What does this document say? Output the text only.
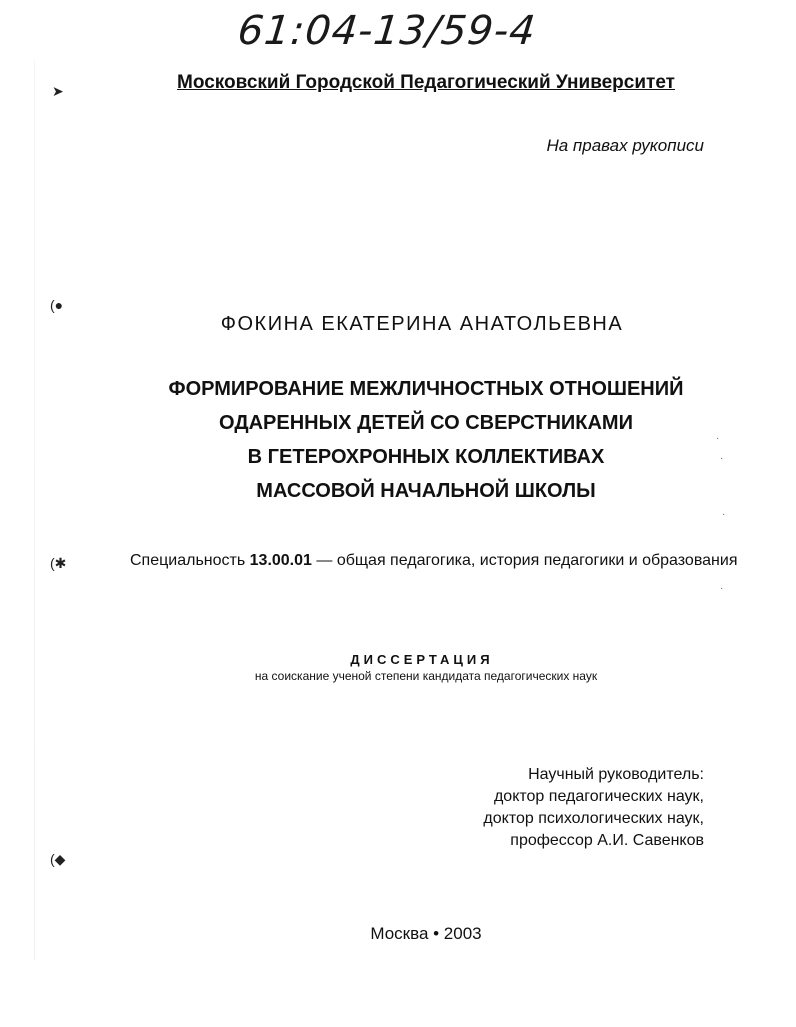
61:04-13/59-4
Московский Городской Педагогический Университет
На правах рукописи
ФОКИНА ЕКАТЕРИНА АНАТОЛЬЕВНА
ФОРМИРОВАНИЕ МЕЖЛИЧНОСТНЫХ ОТНОШЕНИЙ
ОДАРЕННЫХ ДЕТЕЙ СО СВЕРСТНИКАМИ
В ГЕТЕРОХРОННЫХ КОЛЛЕКТИВАХ
МАССОВОЙ НАЧАЛЬНОЙ ШКОЛЫ
Специальность 13.00.01 — общая педагогика, история педагогики и образования
ДИССЕРТАЦИЯ
на соискание ученой степени кандидата педагогических наук
Научный руководитель:
доктор педагогических наук,
доктор психологических наук,
профессор А.И. Савенков
Москва • 2003
➤
(●
(✱
(◆
·
·
·
·
